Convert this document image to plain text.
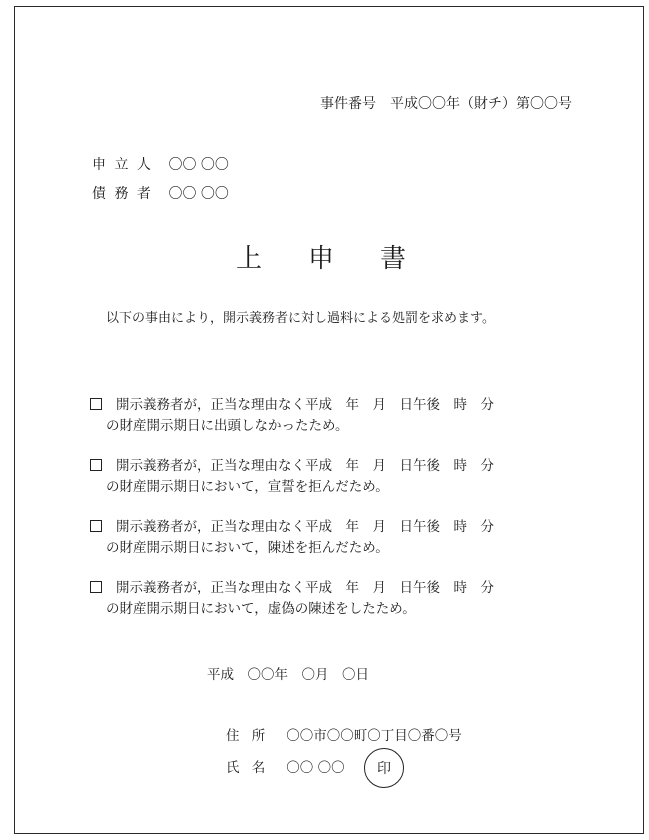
事件番号　平成〇〇年（財チ）第〇〇号
申 立 人 〇〇 〇〇
債 務 者 〇〇 〇〇
上 申 書
以下の事由により，開示義務者に対し過料による処罰を求めます。
開示義務者が，正当な理由なく平成　年　月　日午後　時　分
の財産開示期日に出頭しなかったため。
開示義務者が，正当な理由なく平成　年　月　日午後　時　分
の財産開示期日において，宣誓を拒んだため。
開示義務者が，正当な理由なく平成　年　月　日午後　時　分
の財産開示期日において，陳述を拒んだため。
開示義務者が，正当な理由なく平成　年　月　日午後　時　分
の財産開示期日において，虚偽の陳述をしたため。
平成　〇〇年　〇月　〇日
住 所 〇〇市〇〇町〇丁目〇番〇号
氏 名 〇〇 〇〇 印
